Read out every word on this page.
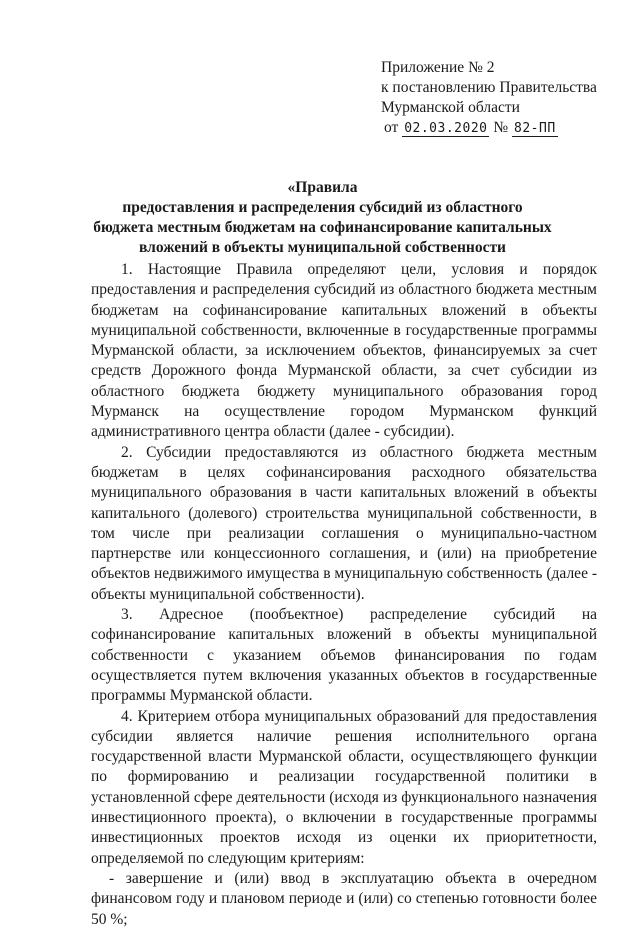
Приложение № 2
к постановлению Правительства
Мурманской области
от 02.03.2020 № 82-ПП
«Правила
предоставления и распределения субсидий из областного
бюджета местным бюджетам на софинансирование капитальных
вложений в объекты муниципальной собственности

1. Настоящие Правила определяют цели, условия и порядок предоставления и распределения субсидий из областного бюджета местным бюджетам на софинансирование капитальных вложений в объекты муниципальной собственности, включенные в государственные программы Мурманской области, за исключением объектов, финансируемых за счет средств Дорожного фонда Мурманской области, за счет субсидии из областного бюджета бюджету муниципального образования город Мурманск на осуществление городом Мурманском функций административного центра области (далее - субсидии).

2. Субсидии предоставляются из областного бюджета местным бюджетам в целях софинансирования расходного обязательства муниципального образования в части капитальных вложений в объекты капитального (долевого) строительства муниципальной собственности, в том числе при реализации соглашения о муниципально-частном партнерстве или концессионного соглашения, и (или) на приобретение объектов недвижимого имущества в муниципальную собственность (далее - объекты муниципальной собственности).

3. Адресное (пообъектное) распределение субсидий на софинансирование капитальных вложений в объекты муниципальной собственности с указанием объемов финансирования по годам осуществляется путем включения указанных объектов в государственные программы Мурманской области.

4. Критерием отбора муниципальных образований для предоставления субсидии является наличие решения исполнительного органа государственной власти Мурманской области, осуществляющего функции по формированию и реализации государственной политики в установленной сфере деятельности (исходя из функционального назначения инвестиционного проекта), о включении в государственные программы инвестиционных проектов исходя из оценки их приоритетности, определяемой по следующим критериям:

- завершение и (или) ввод в эксплуатацию объекта в очередном финансовом году и плановом периоде и (или) со степенью готовности более 50 %;
